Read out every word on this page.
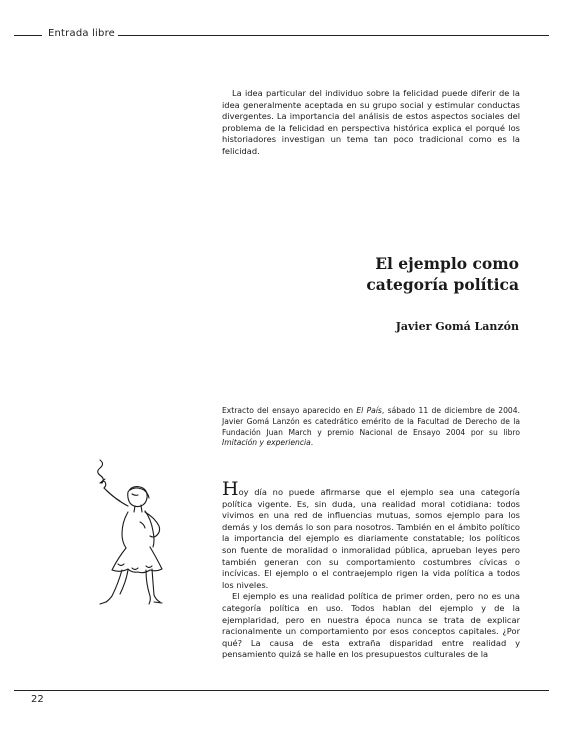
Entrada libre

La idea particular del individuo sobre la felicidad puede diferir de la idea generalmente aceptada en su grupo social y estimular conductas divergentes. La importancia del análisis de estos aspectos sociales del problema de la felicidad en perspectiva histórica explica el porqué los historiadores investigan un tema tan poco tradicional como es la felicidad.

El ejemplo como
categoría política
Javier Gomá Lanzón

Extracto del ensayo aparecido en El País, sábado 11 de diciembre de 2004. Javier Gomá Lanzón es catedrático emérito de la Facultad de Derecho de la Fundación Juan March y premio Nacional de Ensayo 2004 por su libro Imitación y experiencia.

Hoy día no puede afirmarse que el ejemplo sea una categoría política vigente. Es, sin duda, una realidad moral cotidiana: todos vivimos en una red de influencias mutuas, somos ejemplo para los demás y los demás lo son para nosotros. También en el ámbito político la importancia del ejemplo es diariamente constatable; los políticos son fuente de moralidad o inmoralidad pública, aprueban leyes pero también generan con su comportamiento costumbres cívicas o incívicas. El ejemplo o el contraejemplo rigen la vida política a todos los niveles.

El ejemplo es una realidad política de primer orden, pero no es una categoría política en uso. Todos hablan del ejemplo y de la ejemplaridad, pero en nuestra época nunca se trata de explicar racionalmente un comportamiento por esos conceptos capitales. ¿Por qué? La causa de esta extraña disparidad entre realidad y pensamiento quizá se halle en los presupuestos culturales de la

22
